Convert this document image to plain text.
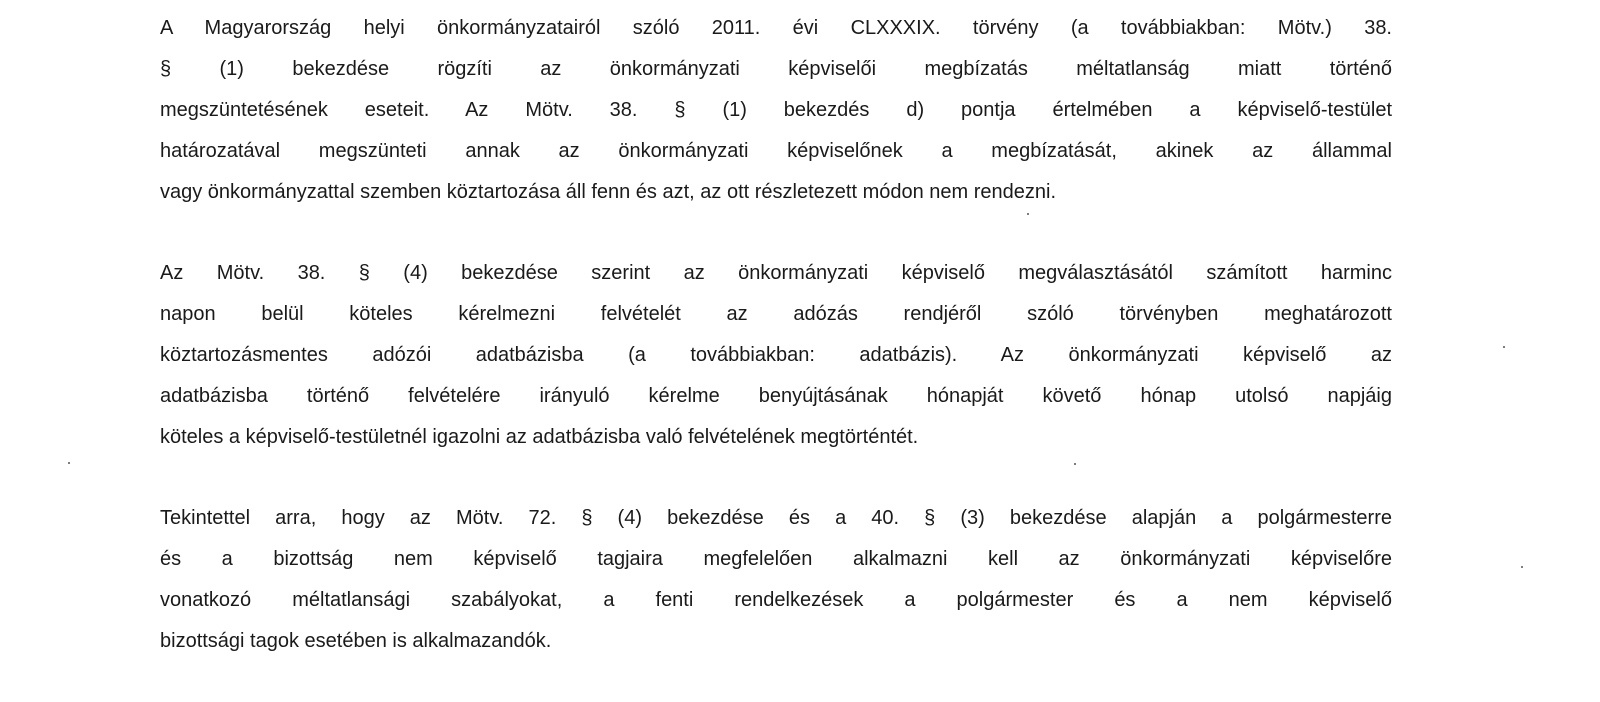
A Magyarország helyi önkormányzatairól szóló 2011. évi CLXXXIX. törvény (a továbbiakban: Mötv.) 38.
§ (1) bekezdése rögzíti az önkormányzati képviselői megbízatás méltatlanság miatt történő
megszüntetésének eseteit. Az Mötv. 38. § (1) bekezdés d) pontja értelmében a képviselő-testület
határozatával megszünteti annak az önkormányzati képviselőnek a megbízatását, akinek az állammal
vagy önkormányzattal szemben köztartozása áll fenn és azt, az ott részletezett módon nem rendezni.
Az Mötv. 38. § (4) bekezdése szerint az önkormányzati képviselő megválasztásától számított harminc
napon belül köteles kérelmezni felvételét az adózás rendjéről szóló törvényben meghatározott
köztartozásmentes adózói adatbázisba (a továbbiakban: adatbázis). Az önkormányzati képviselő az
adatbázisba történő felvételére irányuló kérelme benyújtásának hónapját követő hónap utolsó napjáig
köteles a képviselő-testületnél igazolni az adatbázisba való felvételének megtörténtét.
Tekintettel arra, hogy az Mötv. 72. § (4) bekezdése és a 40. § (3) bekezdése alapján a polgármesterre
és a bizottság nem képviselő tagjaira megfelelően alkalmazni kell az önkormányzati képviselőre
vonatkozó méltatlansági szabályokat, a fenti rendelkezések a polgármester és a nem képviselő
bizottsági tagok esetében is alkalmazandók.
